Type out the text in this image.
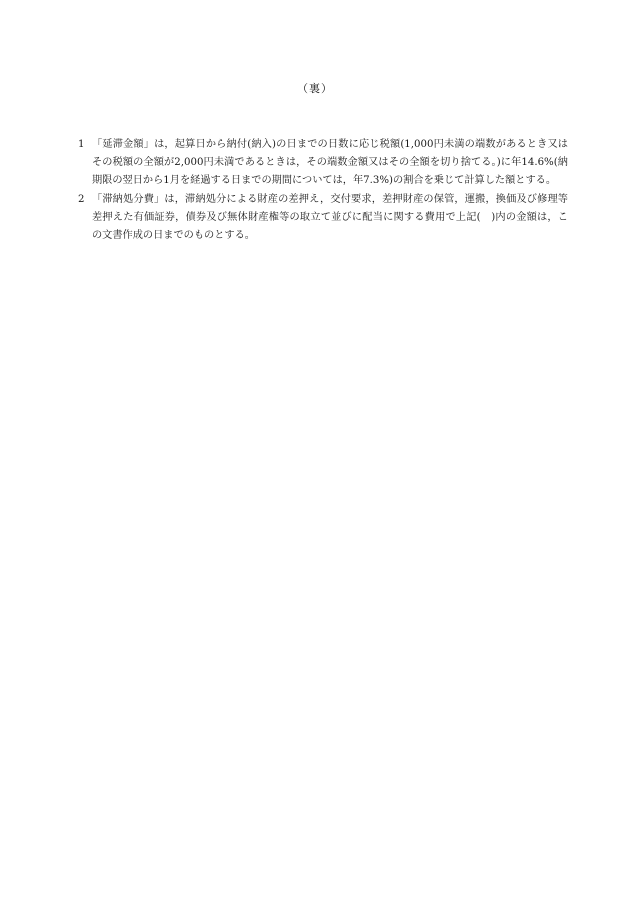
（裏）
1 「延滞金額」は，起算日から納付(納入)の日までの日数に応じ税額(1,000円未満の端数があるとき又はその税額の全額が2,000円未満であるときは，その端数金額又はその全額を切り捨てる。)に年14.6%(納期限の翌日から1月を経過する日までの期間については，年7.3%)の割合を乗じて計算した額とする。
2 「滞納処分費」は，滞納処分による財産の差押え，交付要求，差押財産の保管，運搬，換価及び修理等差押えた有価証券，債券及び無体財産権等の取立て並びに配当に関する費用で上記(　)内の金額は，この文書作成の日までのものとする。
